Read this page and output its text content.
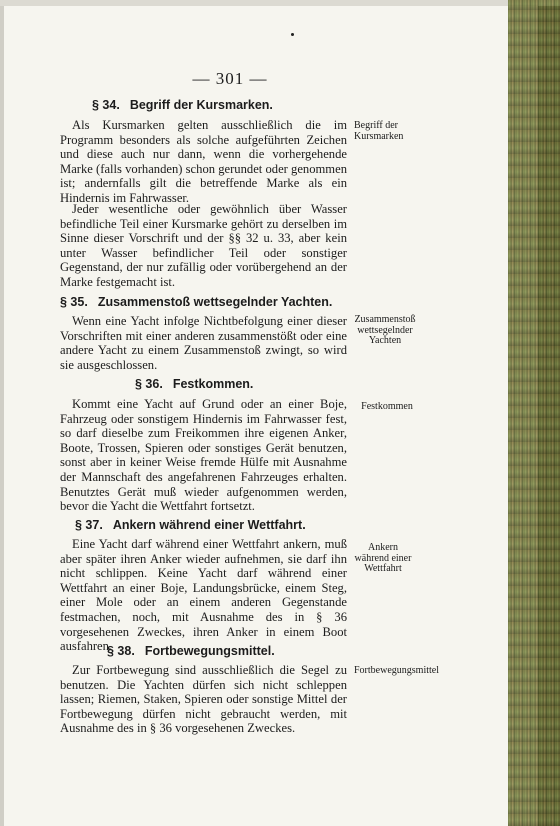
— 301 —
§ 34. Begriff der Kursmarken.
Als Kursmarken gelten ausschließlich die im Programm besonders als solche aufgeführten Zeichen und diese auch nur dann, wenn die vorhergehende Marke (falls vorhanden) schon gerundet oder genommen ist; andernfalls gilt die betreffende Marke als ein Hindernis im Fahrwasser.
Jeder wesentliche oder gewöhnlich über Wasser befindliche Teil einer Kursmarke gehört zu derselben im Sinne dieser Vorschrift und der §§ 32 u. 33, aber kein unter Wasser befindlicher Teil oder sonstiger Gegenstand, der nur zufällig oder vorübergehend an der Marke festgemacht ist.
Begriff der Kursmarken
§ 35. Zusammenstoß wettsegelnder Yachten.
Wenn eine Yacht infolge Nichtbefolgung einer dieser Vorschriften mit einer anderen zusammenstößt oder eine andere Yacht zu einem Zusammenstoß zwingt, so wird sie ausgeschlossen.
Zusammenstoß wettsegelnder Yachten
§ 36. Festkommen.
Kommt eine Yacht auf Grund oder an einer Boje, Fahrzeug oder sonstigem Hindernis im Fahrwasser fest, so darf dieselbe zum Freikommen ihre eigenen Anker, Boote, Trossen, Spieren oder sonstiges Gerät benutzen, sonst aber in keiner Weise fremde Hülfe mit Ausnahme der Mannschaft des angefahrenen Fahrzeuges erhalten. Benutztes Gerät muß wieder aufgenommen werden, bevor die Yacht die Wettfahrt fortsetzt.
Festkommen
§ 37. Ankern während einer Wettfahrt.
Eine Yacht darf während einer Wettfahrt ankern, muß aber später ihren Anker wieder aufnehmen, sie darf ihn nicht schlippen. Keine Yacht darf während einer Wettfahrt an einer Boje, Landungsbrücke, einem Steg, einer Mole oder an einem anderen Gegenstande festmachen, noch, mit Ausnahme des in § 36 vorgesehenen Zweckes, ihren Anker in einem Boot ausfahren.
Ankern während einer Wettfahrt
§ 38. Fortbewegungsmittel.
Zur Fortbewegung sind ausschließlich die Segel zu benutzen. Die Yachten dürfen sich nicht schleppen lassen; Riemen, Staken, Spieren oder sonstige Mittel der Fortbewegung dürfen nicht gebraucht werden, mit Ausnahme des in § 36 vorgesehenen Zweckes.
Fortbewegungsmittel
